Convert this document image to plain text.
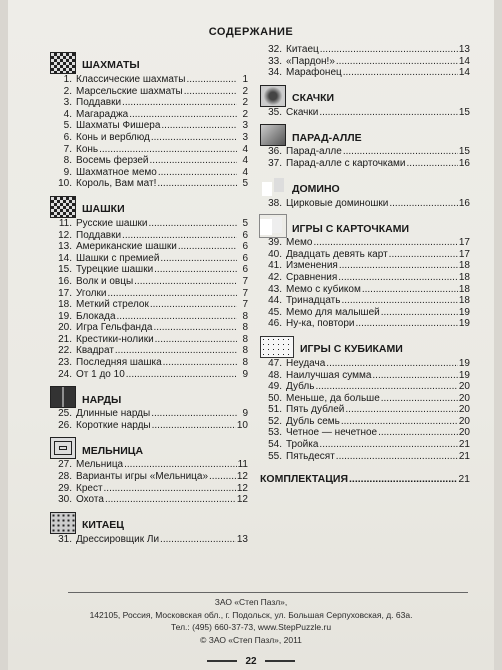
СОДЕРЖАНИЕ
ШАХМАТЫ
1. Классические шахматы .....	1
2. Марсельские шахматы .....	2
3. Поддавки .....	2
4. Магараджа .....	2
5. Шахматы Фишера .....	3
6. Конь и верблюд .....	3
7. Конь .....	4
8. Восемь ферзей .....	4
9. Шахматное мемо .....	4
10. Король, Вам мат! .....	5
ШАШКИ
11. Русские шашки .....	5
12. Поддавки .....	6
13. Американские шашки .....	6
14. Шашки с премией .....	6
15. Турецкие шашки .....	6
16. Волк и овцы .....	7
17. Уголки .....	7
18. Меткий стрелок .....	7
19. Блокада .....	8
20. Игра Гельфанда .....	8
21. Крестики-нолики .....	8
22. Квадрат .....	8
23. Последняя шашка .....	8
24. От 1 до 10 .....	9
НАРДЫ
25. Длинные нарды .....	9
26. Короткие нарды .....	10
МЕЛЬНИЦА
27. Мельница .....	11
28. Варианты игры «Мельница» .....	12
29. Крест .....	12
30. Охота .....	12
КИТАЕЦ
31. Дрессировщик Ли .....	13
32. Китаец .....	13
33. «Пардон!» .....	14
34. Марафонец .....	14
СКАЧКИ
35. Скачки .....	15
ПАРАД-АЛЛЕ
36. Парад-алле .....	15
37. Парад-алле с карточками .....	16
ДОМИНО
38. Цирковые доминошки .....	16
ИГРЫ С КАРТОЧКАМИ
39. Мемо .....	17
40. Двадцать девять карт .....	17
41. Изменения .....	18
42. Сравнения .....	18
43. Мемо с кубиком .....	18
44. Тринадцать .....	18
45. Мемо для малышей .....	19
46. Ну-ка, повтори .....	19
ИГРЫ С КУБИКАМИ
47. Неудача .....	19
48. Наилучшая сумма .....	19
49. Дубль .....	20
50. Меньше, да больше .....	20
51. Пять дублей .....	20
52. Дубль семь .....	20
53. Четное — нечетное .....	20
54. Тройка .....	21
55. Пятьдесят .....	21
КОМПЛЕКТАЦИЯ .....	21
ЗАО «Степ Пазл»,
142105, Россия, Московская обл., г. Подольск, ул. Большая Серпуховская, д. 63а.
Тел.: (495) 660-37-73, www.StepPuzzle.ru
© ЗАО «Степ Пазл», 2011
22
